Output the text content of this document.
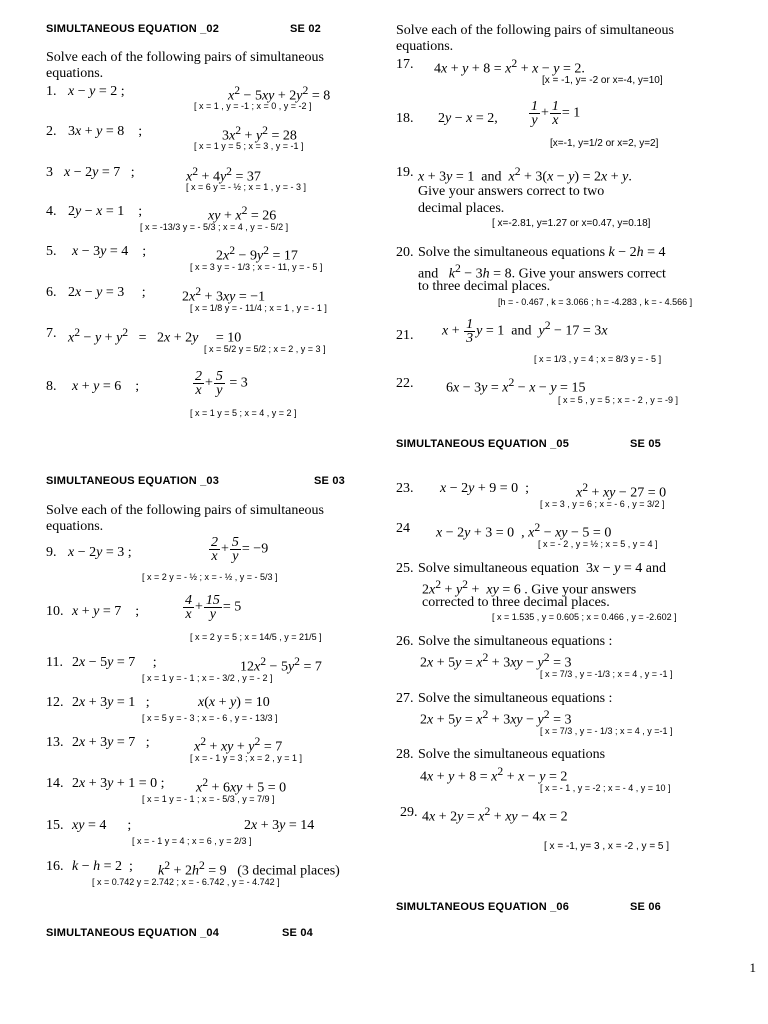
SIMULTANEOUS EQUATION _02	SE 02
Solve each of the following pairs of simultaneous equations.
1. x − y = 2 ;	$x^2 - 5xy + 2y^2 = 8$
[ x = 1 , y = -1 ; x = 0 , y = -2 ]
2. 3x + y = 8    ;	$3x^2 + y^2 = 28$
[ x = 1 y = 5 ; x = 3 , y = -1 ]
3 x − 2y = 7   ;	$x^2 + 4y^2 = 37$
[ x = 6 y = - ½ ; x = 1 , y = - 3 ]
4. 2y − x = 1    ;	xy + $x^2 = 26$
[ x = -13/3 y = - 5/3 ; x = 4 , y = - 5/2 ]
5. x − 3y = 4    ;	$2x^2 - 9y^2 = 17$
[ x = 3 y = - 1/3 ; x = - 11, y = - 5 ]
6. 2x − y = 3     ;	$2x^2 + 3xy = -1$
[ x = 1/8 y = - 11/4 ; x = 1 , y = - 1 ]
7. $x^2 - y + y^2 = 2x + 2y$     = 10
[ x = 5/2 y = 5/2 ; x = 2 , y = 3 ]
8. x + y = 6    ;	$\frac{2}{x} + \frac{5}{y} = 3$
[ x = 1 y = 5 ; x = 4 , y = 2 ]
SIMULTANEOUS EQUATION _03	SE 03
Solve each of the following pairs of simultaneous equations.
9. x − 2y = 3 ;	$\frac{2}{x} + \frac{5}{y} = -9$
[ x = 2 y = - ½ ; x = - ½ , y = - 5/3 ]
10. x + y = 7    ;	$\frac{4}{x} + \frac{15}{y} = 5$
[ x = 2 y = 5 ; x = 14/5 , y = 21/5 ]
11. 2x − 5y = 7     ;	$12x^2 - 5y^2 = 7$
[ x = 1 y = - 1 ; x = - 3/2 , y = - 2 ]
12. 2x + 3y = 1   ;	x(x + y) = 10
[ x = 5 y = - 3 ; x = - 6 , y = - 13/3 ]
13. 2x + 3y = 7   ;	$x^2$ + xy + $y^2 = 7$
[ x = - 1 y = 3 ; x = 2 , y = 1 ]
14. 2x + 3y + 1 = 0 ; $x^2 + 6xy + 5 = 0$
[ x = 1 y = - 1 ; x = - 5/3 , y = 7/9 ]
15. xy = 4      ;	2x + 3y = 14
[ x = - 1 y = 4 ; x = 6 , y = 2/3 ]
16. k − h = 2  ; $k^2 + 2h^2 = 9$   (3 decimal places)
[ x = 0.742 y = 2.742 ; x = - 6.742 , y = - 4.742 ]
SIMULTANEOUS EQUATION _04	SE 04
Solve each of the following pairs of simultaneous equations.
17. $4x + y + 8 = x^2 + x - y = 2$.
[x = -1, y= -2 or x=-4, y=10]
18. 2y − x = 2, $\frac{1}{y} + \frac{1}{x} = 1$
[x=-1, y=1/2 or x=2, y=2]
19. x + 3y = 1  and $x^2 + 3(x - y) = 2x + y$.
Give your answers correct to two
decimal places.
[ x=-2.81, y=1.27 or x=0.47, y=0.18]
20. Solve the simultaneous equations k − 2h = 4
and $k^2 - 3h = 8$. Give your answers correct
to three decimal places.
[h = - 0.467 , k = 3.066 ; h = -4.283 , k = - 4.566 ]
21. $x + \frac{1}{3}$ y = 1  and $y^2 - 17 = 3x$
[ x = 1/3 , y = 4 ; x = 8/3 y = - 5 ]
22. $6x - 3y = x^2 - x - y = 15$
[ x = 5 , y = 5 ; x = - 2 , y = -9 ]
SIMULTANEOUS EQUATION _05	SE 05
23. x − 2y + 9 = 0  ;	$x^2$ + xy − 27 = 0
[ x = 3 , y = 6 ; x = - 6 , y = 3/2 ]
24 x − 2y + 3 = 0  , $x^2$ − xy − 5 = 0
[ x = - 2 , y = ½ ; x = 5 , y = 4 ]
25. Solve simultaneous equation  3x − y = 4 and
$2x^2 + y^2$ +  xy = 6 . Give your answers
corrected to three decimal places.
[ x = 1.535 , y = 0.605 ; x = 0.466 , y = -2.602 ]
26. Solve the simultaneous equations :
$2x + 5y = x^2 + 3xy - y^2 = 3$
[ x = 7/3 , y = -1/3 ; x = 4 , y = -1 ]
27. Solve the simultaneous equations :
$2x + 5y = x^2 + 3xy - y^2 = 3$
[ x = 7/3 , y = - 1/3 ; x = 4 , y =-1 ]
28. Solve the simultaneous equations
$4x + y + 8 = x^2 + x - y = 2$
[ x = - 1 , y = -2 ; x = - 4 , y = 10 ]
29. $4x + 2y = x^2$ + xy − 4x = 2
[ x = -1, y= 3 , x = -2 , y = 5 ]
SIMULTANEOUS EQUATION _06	SE 06
1
